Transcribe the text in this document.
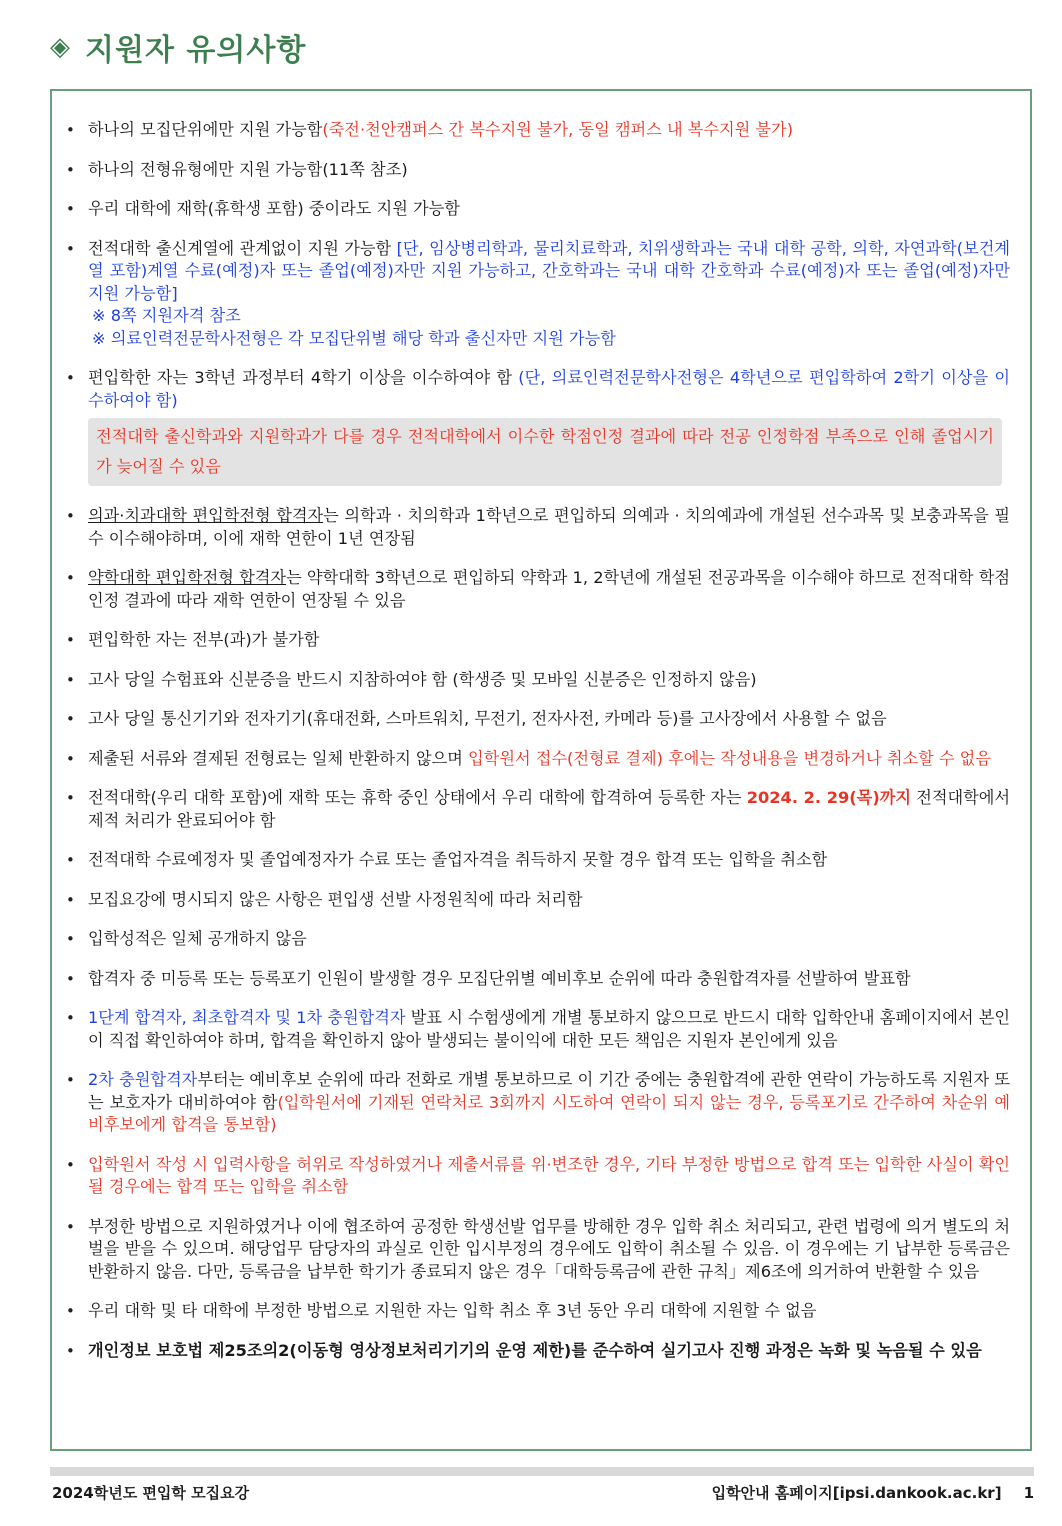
◈ 지원자 유의사항
• 하나의 모집단위에만 지원 가능함(죽전·천안캠퍼스 간 복수지원 불가, 동일 캠퍼스 내 복수지원 불가)
• 하나의 전형유형에만 지원 가능함(11쪽 참조)
• 우리 대학에 재학(휴학생 포함) 중이라도 지원 가능함
• 전적대학 출신계열에 관계없이 지원 가능함 [단, 임상병리학과, 물리치료학과, 치위생학과는 국내 대학 공학, 의학, 자연과학(보건계열 포함)계열 수료(예정)자 또는 졸업(예정)자만 지원 가능하고, 간호학과는 국내 대학 간호학과 수료(예정)자 또는 졸업(예정)자만 지원 가능함]
※ 8쪽 지원자격 참조
※ 의료인력전문학사전형은 각 모집단위별 해당 학과 출신자만 지원 가능함
• 편입학한 자는 3학년 과정부터 4학기 이상을 이수하여야 함 (단, 의료인력전문학사전형은 4학년으로 편입학하여 2학기 이상을 이수하여야 함)
전적대학 출신학과와 지원학과가 다를 경우 전적대학에서 이수한 학점인정 결과에 따라 전공 인정학점 부족으로 인해 졸업시기가 늦어질 수 있음
• 의과·치과대학 편입학전형 합격자는 의학과 · 치의학과 1학년으로 편입하되 의예과 · 치의예과에 개설된 선수과목 및 보충과목을 필수 이수해야하며, 이에 재학 연한이 1년 연장됨
• 약학대학 편입학전형 합격자는 약학대학 3학년으로 편입하되 약학과 1, 2학년에 개설된 전공과목을 이수해야 하므로 전적대학 학점인정 결과에 따라 재학 연한이 연장될 수 있음
• 편입학한 자는 전부(과)가 불가함
• 고사 당일 수험표와 신분증을 반드시 지참하여야 함 (학생증 및 모바일 신분증은 인정하지 않음)
• 고사 당일 통신기기와 전자기기(휴대전화, 스마트워치, 무전기, 전자사전, 카메라 등)를 고사장에서 사용할 수 없음
• 제출된 서류와 결제된 전형료는 일체 반환하지 않으며 입학원서 접수(전형료 결제) 후에는 작성내용을 변경하거나 취소할 수 없음
• 전적대학(우리 대학 포함)에 재학 또는 휴학 중인 상태에서 우리 대학에 합격하여 등록한 자는 2024. 2. 29(목)까지 전적대학에서 제적 처리가 완료되어야 함
• 전적대학 수료예정자 및 졸업예정자가 수료 또는 졸업자격을 취득하지 못할 경우 합격 또는 입학을 취소함
• 모집요강에 명시되지 않은 사항은 편입생 선발 사정원칙에 따라 처리함
• 입학성적은 일체 공개하지 않음
• 합격자 중 미등록 또는 등록포기 인원이 발생할 경우 모집단위별 예비후보 순위에 따라 충원합격자를 선발하여 발표함
• 1단계 합격자, 최초합격자 및 1차 충원합격자 발표 시 수험생에게 개별 통보하지 않으므로 반드시 대학 입학안내 홈페이지에서 본인이 직접 확인하여야 하며, 합격을 확인하지 않아 발생되는 불이익에 대한 모든 책임은 지원자 본인에게 있음
• 2차 충원합격자부터는 예비후보 순위에 따라 전화로 개별 통보하므로 이 기간 중에는 충원합격에 관한 연락이 가능하도록 지원자 또는 보호자가 대비하여야 함(입학원서에 기재된 연락처로 3회까지 시도하여 연락이 되지 않는 경우, 등록포기로 간주하여 차순위 예비후보에게 합격을 통보함)
• 입학원서 작성 시 입력사항을 허위로 작성하였거나 제출서류를 위·변조한 경우, 기타 부정한 방법으로 합격 또는 입학한 사실이 확인될 경우에는 합격 또는 입학을 취소함
• 부정한 방법으로 지원하였거나 이에 협조하여 공정한 학생선발 업무를 방해한 경우 입학 취소 처리되고, 관련 법령에 의거 별도의 처벌을 받을 수 있으며. 해당업무 담당자의 과실로 인한 입시부정의 경우에도 입학이 취소될 수 있음. 이 경우에는 기 납부한 등록금은 반환하지 않음. 다만, 등록금을 납부한 학기가 종료되지 않은 경우「대학등록금에 관한 규칙」제6조에 의거하여 반환할 수 있음
• 우리 대학 및 타 대학에 부정한 방법으로 지원한 자는 입학 취소 후 3년 동안 우리 대학에 지원할 수 없음
• 개인정보 보호법 제25조의2(이동형 영상정보처리기기의 운영 제한)를 준수하여 실기고사 진행 과정은 녹화 및 녹음될 수 있음
2024학년도 편입학 모집요강	입학안내 홈페이지[ipsi.dankook.ac.kr] 1
